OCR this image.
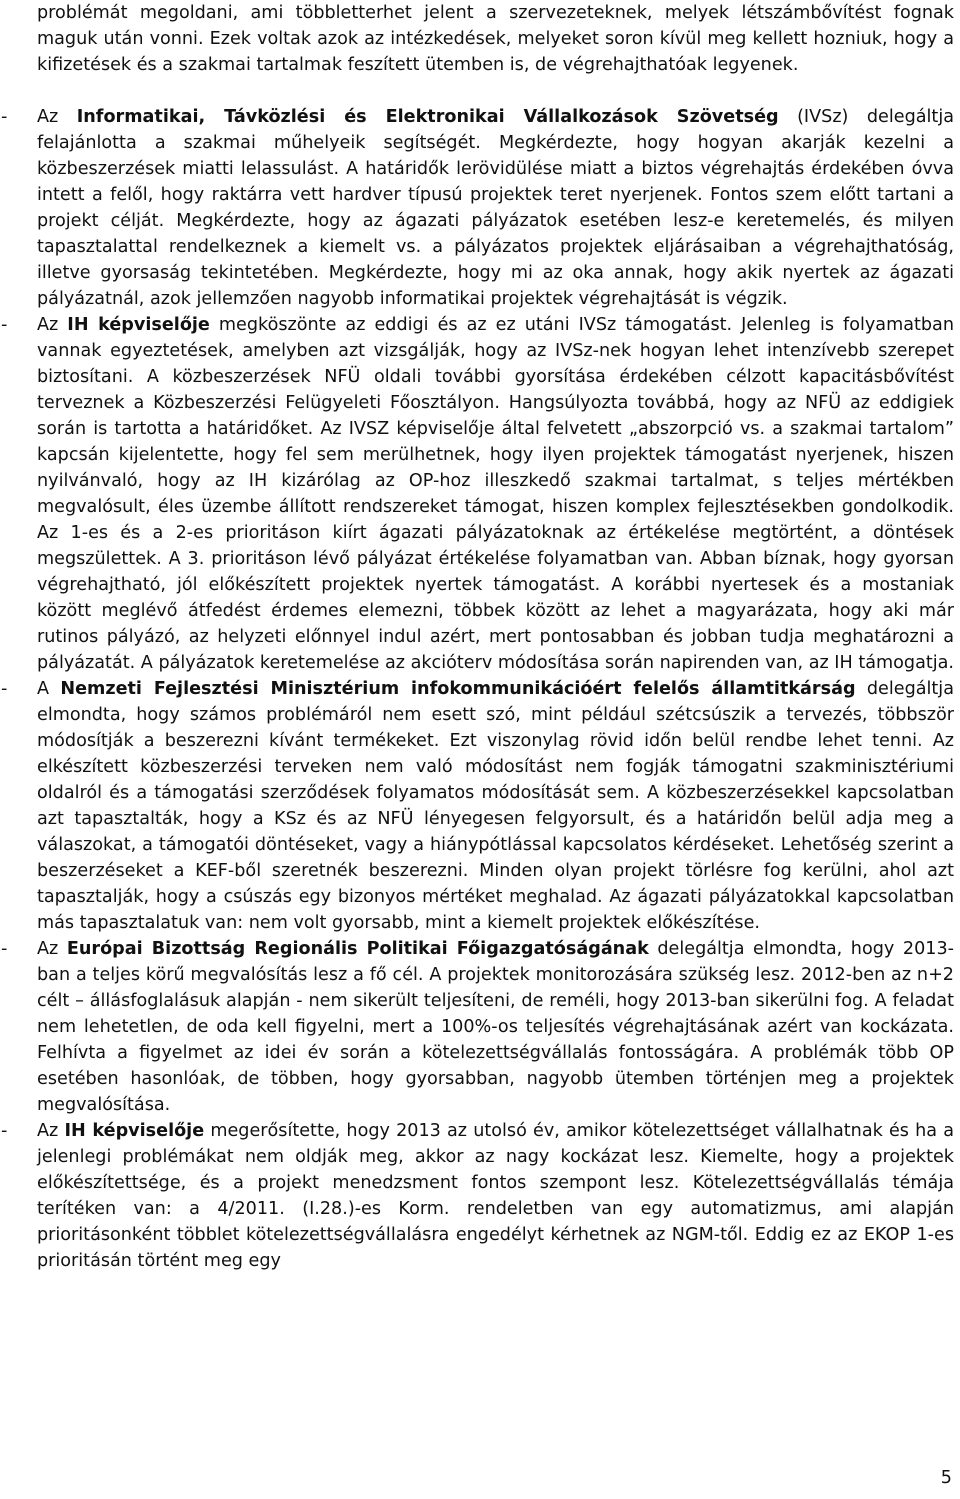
problémát megoldani, ami többletterhet jelent a szervezeteknek, melyek létszámbővítést fognak maguk után vonni. Ezek voltak azok az intézkedések, melyeket soron kívül meg kellett hozniuk, hogy a kifizetések és a szakmai tartalmak feszített ütemben is, de végrehajthatóak legyenek.

- Az Informatikai, Távközlési és Elektronikai Vállalkozások Szövetség (IVSz) delegáltja felajánlotta a szakmai műhelyeik segítségét. Megkérdezte, hogy hogyan akarják kezelni a közbeszerzések miatti lelassulást. A határidők lerövidülése miatt a biztos végrehajtás érdekében óvva intett a felől, hogy raktárra vett hardver típusú projektek teret nyerjenek. Fontos szem előtt tartani a projekt célját. Megkérdezte, hogy az ágazati pályázatok esetében lesz-e keretemelés, és milyen tapasztalattal rendelkeznek a kiemelt vs. a pályázatos projektek eljárásaiban a végrehajthatóság, illetve gyorsaság tekintetében. Megkérdezte, hogy mi az oka annak, hogy akik nyertek az ágazati pályázatnál, azok jellemzően nagyobb informatikai projektek végrehajtását is végzik.

- Az IH képviselője megköszönte az eddigi és az ez utáni IVSz támogatást. Jelenleg is folyamatban vannak egyeztetések, amelyben azt vizsgálják, hogy az IVSz-nek hogyan lehet intenzívebb szerepet biztosítani. A közbeszerzések NFÜ oldali további gyorsítása érdekében célzott kapacitásbővítést terveznek a Közbeszerzési Felügyeleti Főosztályon. Hangsúlyozta továbbá, hogy az NFÜ az eddigiek során is tartotta a határidőket. Az IVSZ képviselője által felvetett „abszorpció vs. a szakmai tartalom” kapcsán kijelentette, hogy fel sem merülhetnek, hogy ilyen projektek támogatást nyerjenek, hiszen nyilvánvaló, hogy az IH kizárólag az OP-hoz illeszkedő szakmai tartalmat, s teljes mértékben megvalósult, éles üzembe állított rendszereket támogat, hiszen komplex fejlesztésekben gondolkodik. Az 1-es és a 2-es prioritáson kiírt ágazati pályázatoknak az értékelése megtörtént, a döntések megszülettek. A 3. prioritáson lévő pályázat értékelése folyamatban van. Abban bíznak, hogy gyorsan végrehajtható, jól előkészített projektek nyertek támogatást. A korábbi nyertesek és a mostaniak között meglévő átfedést érdemes elemezni, többek között az lehet a magyarázata, hogy aki már rutinos pályázó, az helyzeti előnnyel indul azért, mert pontosabban és jobban tudja meghatározni a pályázatát. A pályázatok keretemelése az akcióterv módosítása során napirenden van, az IH támogatja.

- A Nemzeti Fejlesztési Minisztérium infokommunikációért felelős államtitkárság delegáltja elmondta, hogy számos problémáról nem esett szó, mint például szétcsúszik a tervezés, többször módosítják a beszerezni kívánt termékeket. Ezt viszonylag rövid időn belül rendbe lehet tenni. Az elkészített közbeszerzési terveken nem való módosítást nem fogják támogatni szakminisztériumi oldalról és a támogatási szerződések folyamatos módosítását sem. A közbeszerzésekkel kapcsolatban azt tapasztalták, hogy a KSz és az NFÜ lényegesen felgyorsult, és a határidőn belül adja meg a válaszokat, a támogatói döntéseket, vagy a hiánypótlással kapcsolatos kérdéseket. Lehetőség szerint a beszerzéseket a KEF-ből szeretnék beszerezni. Minden olyan projekt törlésre fog kerülni, ahol azt tapasztalják, hogy a csúszás egy bizonyos mértéket meghalad. Az ágazati pályázatokkal kapcsolatban más tapasztalatuk van: nem volt gyorsabb, mint a kiemelt projektek előkészítése.

- Az Európai Bizottság Regionális Politikai Főigazgatóságának delegáltja elmondta, hogy 2013-ban a teljes körű megvalósítás lesz a fő cél. A projektek monitorozására szükség lesz. 2012-ben az n+2 célt – állásfoglalásuk alapján - nem sikerült teljesíteni, de reméli, hogy 2013-ban sikerülni fog. A feladat nem lehetetlen, de oda kell figyelni, mert a 100%-os teljesítés végrehajtásának azért van kockázata. Felhívta a figyelmet az idei év során a kötelezettségvállalás fontosságára. A problémák több OP esetében hasonlóak, de többen, hogy gyorsabban, nagyobb ütemben történjen meg a projektek megvalósítása.

- Az IH képviselője megerősítette, hogy 2013 az utolsó év, amikor kötelezettséget vállalhatnak és ha a jelenlegi problémákat nem oldják meg, akkor az nagy kockázat lesz. Kiemelte, hogy a projektek előkészítettsége, és a projekt menedzsment fontos szempont lesz. Kötelezettségvállalás témája terítéken van: a 4/2011. (I.28.)-es Korm. rendeletben van egy automatizmus, ami alapján prioritásonként többlet kötelezettségvállalásra engedélyt kérhetnek az NGM-től. Eddig ez az EKOP 1-es prioritásán történt meg egy

5
